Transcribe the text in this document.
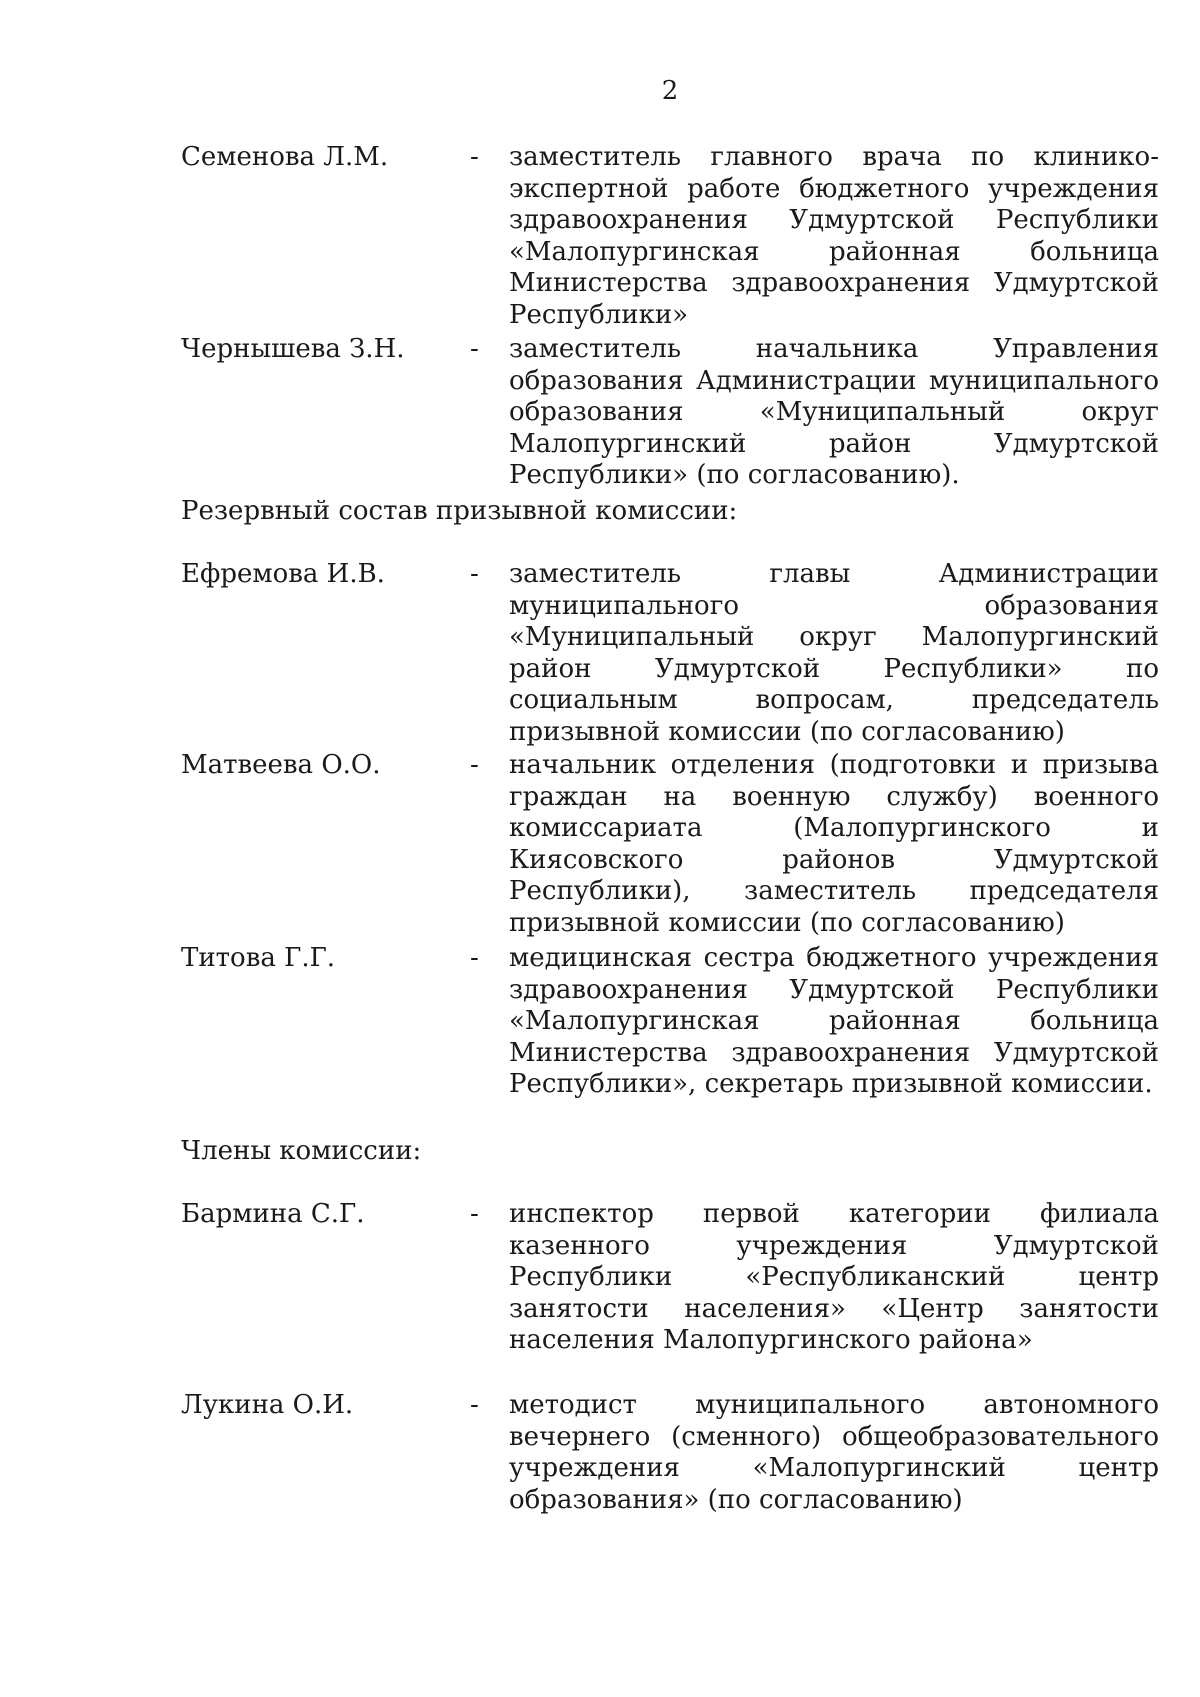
2
Семенова Л.М.	- заместитель главного врача по клинико-экспертной работе бюджетного учреждения здравоохранения Удмуртской Республики «Малопургинская районная больница Министерства здравоохранения Удмуртской Республики»
Чернышева З.Н.	- заместитель начальника Управления образования Администрации муниципального образования «Муниципальный округ Малопургинский район Удмуртской Республики» (по согласованию).
Резервный состав призывной комиссии:
Ефремова И.В.	- заместитель главы Администрации муниципального образования «Муниципальный округ Малопургинский район Удмуртской Республики» по социальным вопросам, председатель призывной комиссии (по согласованию)
Матвеева О.О.	- начальник отделения (подготовки и призыва граждан на военную службу) военного комиссариата (Малопургинского и Киясовского районов Удмуртской Республики), заместитель председателя призывной комиссии (по согласованию)
Титова Г.Г.	- медицинская сестра бюджетного учреждения здравоохранения Удмуртской Республики «Малопургинская районная больница Министерства здравоохранения Удмуртской Республики», секретарь призывной комиссии.
Члены комиссии:
Бармина С.Г.	- инспектор первой категории филиала казенного учреждения Удмуртской Республики «Республиканский центр занятости населения» «Центр занятости населения Малопургинского района»
Лукина О.И.	- методист муниципального автономного вечернего (сменного) общеобразовательного учреждения «Малопургинский центр образования» (по согласованию)
